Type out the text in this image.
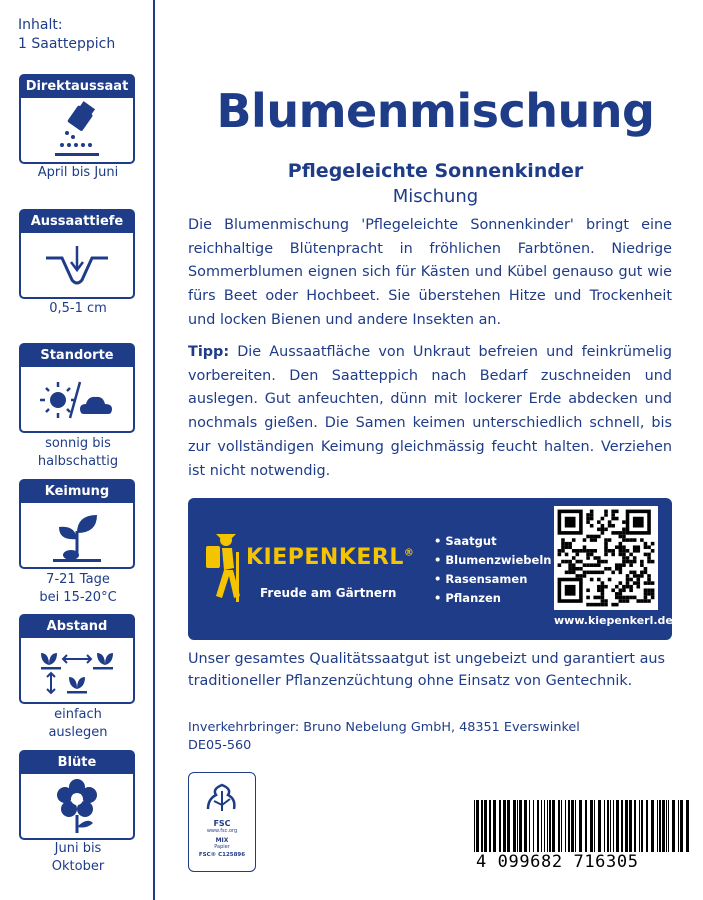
Inhalt:
1 Saatteppich
Direktaussaat
April bis Juni
Aussaattiefe
0,5-1 cm
Standorte
sonnig bis
halbschattig
Keimung
7-21 Tage
bei 15-20°C
Abstand
einfach
auslegen
Blüte
Juni bis
Oktober
Blumenmischung
Pflegeleichte Sonnenkinder
Mischung
Die Blumenmischung 'Pflegeleichte Sonnenkinder' bringt eine reichhaltige Blütenpracht in fröhlichen Farbtönen. Niedrige Sommerblumen eignen sich für Kästen und Kübel genauso gut wie fürs Beet oder Hochbeet. Sie überstehen Hitze und Trockenheit und locken Bienen und andere Insekten an.
Tipp: Die Aussaatfläche von Unkraut befreien und feinkrümelig vorbereiten. Den Saatteppich nach Bedarf zuschneiden und auslegen. Gut anfeuchten, dünn mit lockerer Erde abdecken und nochmals gießen. Die Samen keimen unterschiedlich schnell, bis zur vollständigen Keimung gleichmässig feucht halten. Verziehen ist nicht notwendig.
KIEPENKERL®
Freude am Gärtnern
• Saatgut
• Blumenzwiebeln
• Rasensamen
• Pflanzen
www.kiepenkerl.de
Unser gesamtes Qualitätssaatgut ist ungebeizt und garantiert aus traditioneller Pflanzenzüchtung ohne Einsatz von Gentechnik.
Inverkehrbringer: Bruno Nebelung GmbH, 48351 Everswinkel
DE05-560
FSC
www.fsc.org
MIX
Papier
FSC® C125896	4 099682 716305
